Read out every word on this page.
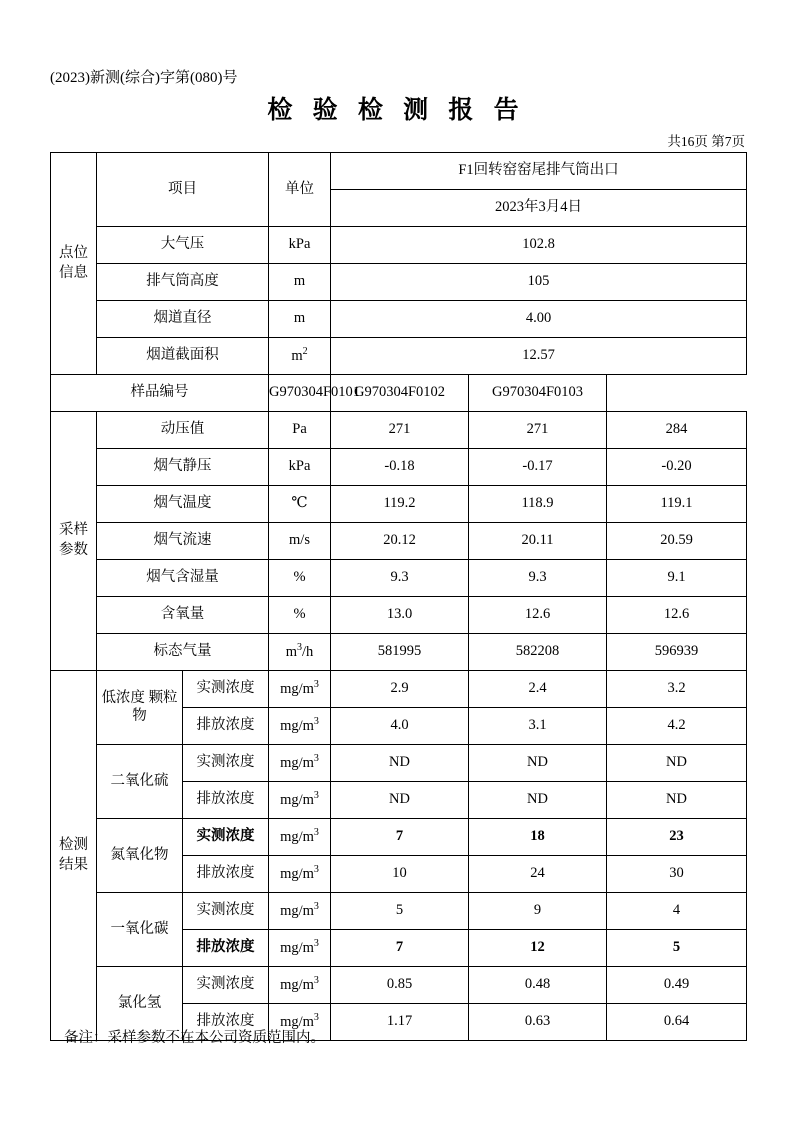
(2023)新测(综合)字第(080)号
检 验 检 测 报 告
共16页 第7页
点位
信息	项目		单位	F1回转窑窑尾排气筒出口		
				2023年3月4日		
	大气压		kPa	102.8		
	排气筒高度		m	105		
	烟道直径		m	4.00		
	烟道截面积		$m^2$	12.57		
样品编号			G970304F0101	G970304F0102	G970304F0103	

采样
参数	动压值		Pa	271	271	284
	烟气静压		kPa	-0.18	-0.17	-0.20
	烟气温度		℃	119.2	118.9	119.1
	烟气流速		m/s	20.12	20.11	20.59
	烟气含湿量		%	9.3	9.3	9.1
	含氧量		%	13.0	12.6	12.6
	标态气量		$m^3/h$	581995	582208	596939

检测
结果	低浓度 颗粒物	实测浓度	$mg/m^3$	2.9	2.4	3.2
		排放浓度	$mg/m^3$	4.0	3.1	4.2
	二氧化硫	实测浓度	$mg/m^3$	ND	ND	ND
		排放浓度	$mg/m^3$	ND	ND	ND
	氮氧化物	实测浓度	$mg/m^3$	7	18	23
		排放浓度	$mg/m^3$	10	24	30
	一氧化碳	实测浓度	$mg/m^3$	5	9	4
		排放浓度	$mg/m^3$	7	12	5
	氯化氢	实测浓度	$mg/m^3$	0.85	0.48	0.49
		排放浓度	$mg/m^3$	1.17	0.63	0.64
备注：采样参数不在本公司资质范围内。
